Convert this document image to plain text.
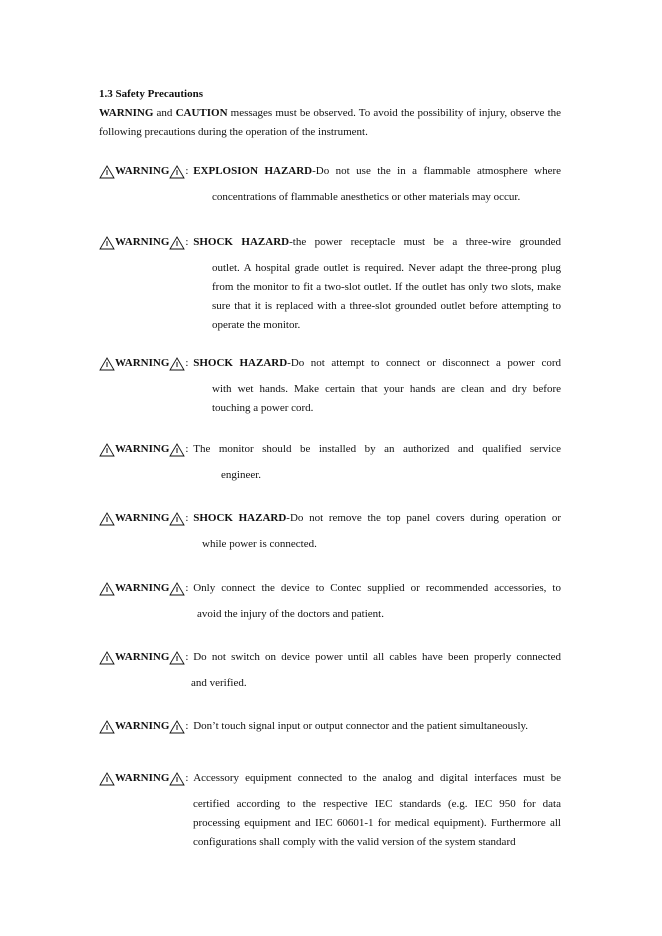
1.3 Safety Precautions
WARNING and CAUTION messages must be observed. To avoid the possibility of injury, observe the following precautions during the operation of the instrument.
WARNING :
EXPLOSION HAZARD-Do not use the in a flammable atmosphere where
concentrations of flammable anesthetics or other materials may occur.
WARNING :
SHOCK HAZARD-the power receptacle must be a three-wire grounded
outlet. A hospital grade outlet is required. Never adapt the three-prong plug from the monitor to fit a two-slot outlet. If the outlet has only two slots, make sure that it is replaced with a three-slot grounded outlet before attempting to operate the monitor.
WARNING :
SHOCK HAZARD-Do not attempt to connect or disconnect a power cord
with wet hands. Make certain that your hands are clean and dry before touching a power cord.
WARNING :
The monitor should be installed by an authorized and qualified service
engineer.
WARNING :
SHOCK HAZARD-Do not remove the top panel covers during operation or
while power is connected.
WARNING :
Only connect the device to Contec supplied or recommended accessories, to
avoid the injury of the doctors and patient.
WARNING :
Do not switch on device power until all cables have been properly connected
and verified.
WARNING :
Don’t touch signal input or output connector and the patient simultaneously.
WARNING :
Accessory equipment connected to the analog and digital interfaces must be
certified according to the respective IEC standards (e.g. IEC 950 for data processing equipment and IEC 60601-1 for medical equipment). Furthermore all configurations shall comply with the valid version of the system standard
